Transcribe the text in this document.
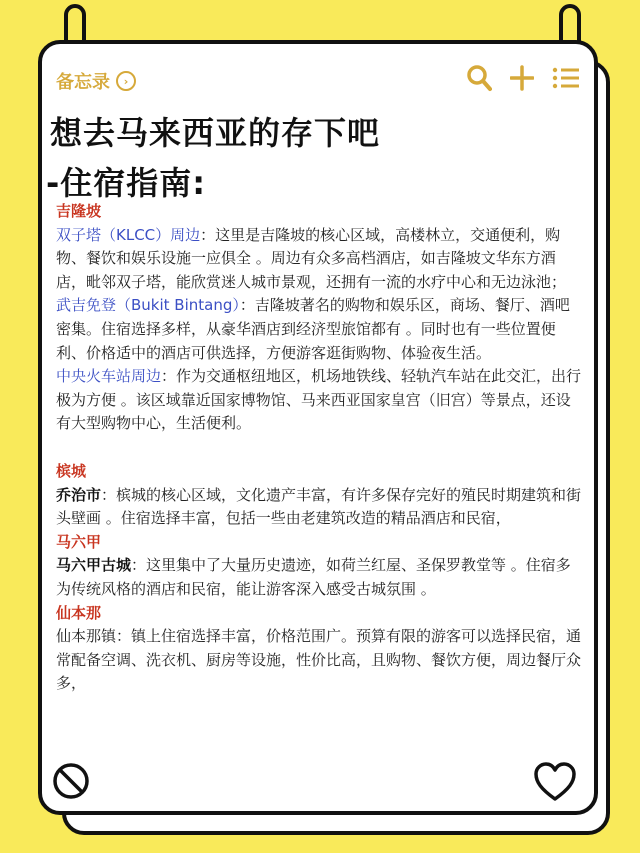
备忘录	›
想去马来西亚的存下吧
-住宿指南:

吉隆坡

双子塔（KLCC）周边：这里是吉隆坡的核心区域，高楼林立，交通便利，购物、餐饮和娱乐设施一应俱全 。周边有众多高档酒店，如吉隆坡文华东方酒店，毗邻双子塔，能欣赏迷人城市景观，还拥有一流的水疗中心和无边泳池；

武吉免登（Bukit Bintang）：吉隆坡著名的购物和娱乐区，商场、餐厅、酒吧密集。住宿选择多样，从豪华酒店到经济型旅馆都有 。同时也有一些位置便利、价格适中的酒店可供选择，方便游客逛街购物、体验夜生活。

中央火车站周边：作为交通枢纽地区，机场地铁线、轻轨汽车站在此交汇，出行极为方便 。该区域靠近国家博物馆、马来西亚国家皇宫（旧宫）等景点，还设有大型购物中心，生活便利。

槟城

乔治市：槟城的核心区域，文化遗产丰富，有许多保存完好的殖民时期建筑和街头壁画 。住宿选择丰富，包括一些由老建筑改造的精品酒店和民宿，

马六甲

马六甲古城：这里集中了大量历史遗迹，如荷兰红屋、圣保罗教堂等 。住宿多为传统风格的酒店和民宿，能让游客深入感受古城氛围 。

仙本那

仙本那镇：镇上住宿选择丰富，价格范围广。预算有限的游客可以选择民宿，通常配备空调、洗衣机、厨房等设施，性价比高，且购物、餐饮方便，周边餐厅众多，
